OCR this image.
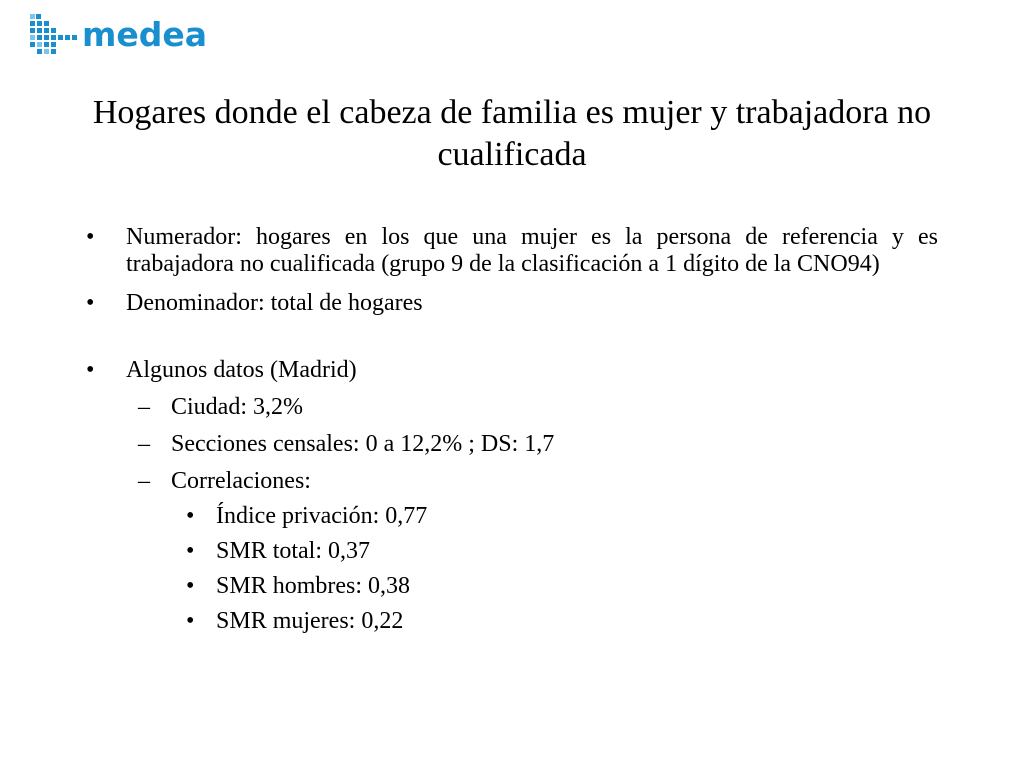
medea
Hogares donde el cabeza de familia es mujer y trabajadora no cualificada
•	Numerador: hogares en los que una mujer es la persona de referencia y es trabajadora no cualificada (grupo 9 de la clasificación a 1 dígito de la CNO94)
•	Denominador: total de hogares
•	Algunos datos (Madrid)
– Ciudad: 3,2%
– Secciones censales: 0 a 12,2% ; DS: 1,7
– Correlaciones:
• Índice privación: 0,77
• SMR total: 0,37
• SMR hombres: 0,38
• SMR mujeres: 0,22
